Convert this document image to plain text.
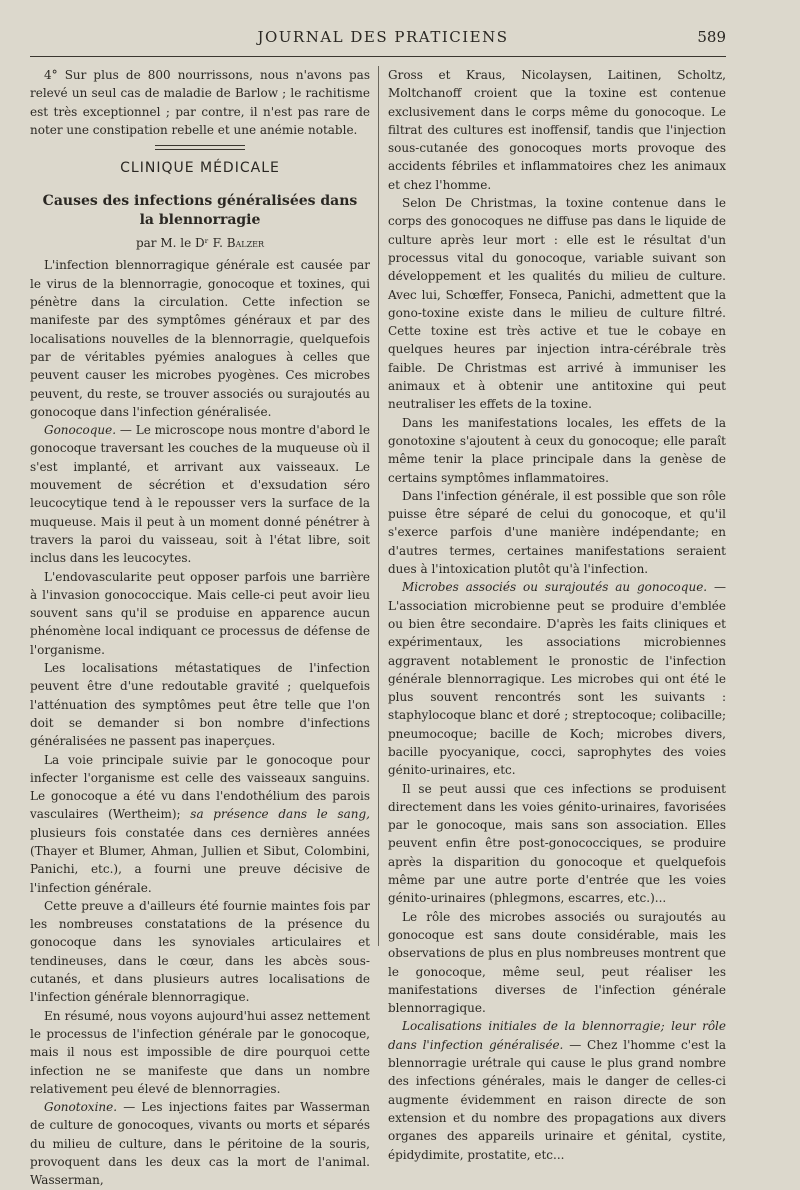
JOURNAL DES PRATICIENS	589

4° Sur plus de 800 nourrissons, nous n'avons pas relevé un seul cas de maladie de Barlow ; le rachitisme est très exceptionnel ; par contre, il n'est pas rare de noter une constipation rebelle et une anémie notable.

CLINIQUE MÉDICALE
Causes des infections généralisées dans la blennorragie
par M. le Dʳ F. Balzer

L'infection blennorragique générale est causée par le virus de la blennorragie, gonocoque et toxines, qui pénètre dans la circulation. Cette infection se manifeste par des symptômes généraux et par des localisations nouvelles de la blennorragie, quelquefois par de véritables pyémies analogues à celles que peuvent causer les microbes pyogènes. Ces microbes peuvent, du reste, se trouver associés ou surajoutés au gonocoque dans l'infection généralisée.

Gonocoque. — Le microscope nous montre d'abord le gonocoque traversant les couches de la muqueuse où il s'est implanté, et arrivant aux vaisseaux. Le mouvement de sécrétion et d'exsudation séro leucocytique tend à le repousser vers la surface de la muqueuse. Mais il peut à un moment donné pénétrer à travers la paroi du vaisseau, soit à l'état libre, soit inclus dans les leucocytes.

L'endovascularite peut opposer parfois une barrière à l'invasion gonococcique. Mais celle-ci peut avoir lieu souvent sans qu'il se produise en apparence aucun phénomène local indiquant ce processus de défense de l'organisme.

Les localisations métastatiques de l'infection peuvent être d'une redoutable gravité ; quelquefois l'atténuation des symptômes peut être telle que l'on doit se demander si bon nombre d'infections généralisées ne passent pas inaperçues.

La voie principale suivie par le gonocoque pour infecter l'organisme est celle des vaisseaux sanguins. Le gonocoque a été vu dans l'endothélium des parois vasculaires (Wertheim); sa présence dans le sang, plusieurs fois constatée dans ces dernières années (Thayer et Blumer, Ahman, Jullien et Sibut, Colombini, Panichi, etc.), a fourni une preuve décisive de l'infection générale.

Cette preuve a d'ailleurs été fournie maintes fois par les nombreuses constatations de la présence du gonocoque dans les synoviales articulaires et tendineuses, dans le cœur, dans les abcès sous-cutanés, et dans plusieurs autres localisations de l'infection générale blennorragique.

En résumé, nous voyons aujourd'hui assez nettement le processus de l'infection générale par le gonocoque, mais il nous est impossible de dire pourquoi cette infection ne se manifeste que dans un nombre relativement peu élevé de blennorragies.

Gonotoxine. — Les injections faites par Wasserman de culture de gonocoques, vivants ou morts et séparés du milieu de culture, dans le péritoine de la souris, provoquent dans les deux cas la mort de l'animal. Wasserman,

Gross et Kraus, Nicolaysen, Laitinen, Scholtz, Moltchanoff croient que la toxine est contenue exclusivement dans le corps même du gonocoque. Le filtrat des cultures est inoffensif, tandis que l'injection sous-cutanée des gonocoques morts provoque des accidents fébriles et inflammatoires chez les animaux et chez l'homme.

Selon De Christmas, la toxine contenue dans le corps des gonocoques ne diffuse pas dans le liquide de culture après leur mort : elle est le résultat d'un processus vital du gonocoque, variable suivant son développement et les qualités du milieu de culture. Avec lui, Schœffer, Fonseca, Panichi, admettent que la gono-toxine existe dans le milieu de culture filtré. Cette toxine est très active et tue le cobaye en quelques heures par injection intra-cérébrale très faible. De Christmas est arrivé à immuniser les animaux et à obtenir une antitoxine qui peut neutraliser les effets de la toxine.

Dans les manifestations locales, les effets de la gonotoxine s'ajoutent à ceux du gonocoque; elle paraît même tenir la place principale dans la genèse de certains symptômes inflammatoires.

Dans l'infection générale, il est possible que son rôle puisse être séparé de celui du gonocoque, et qu'il s'exerce parfois d'une manière indépendante; en d'autres termes, certaines manifestations seraient dues à l'intoxication plutôt qu'à l'infection.

Microbes associés ou surajoutés au gonocoque. — L'association microbienne peut se produire d'emblée ou bien être secondaire. D'après les faits cliniques et expérimentaux, les associations microbiennes aggravent notablement le pronostic de l'infection générale blennorragique. Les microbes qui ont été le plus souvent rencontrés sont les suivants : staphylocoque blanc et doré ; streptocoque; colibacille; pneumocoque; bacille de Koch; microbes divers, bacille pyocyanique, cocci, saprophytes des voies génito-urinaires, etc.

Il se peut aussi que ces infections se produisent directement dans les voies génito-urinaires, favorisées par le gonocoque, mais sans son association. Elles peuvent enfin être post-gonococciques, se produire après la disparition du gonocoque et quelquefois même par une autre porte d'entrée que les voies génito-urinaires (phlegmons, escarres, etc.)...

Le rôle des microbes associés ou surajoutés au gonocoque est sans doute considérable, mais les observations de plus en plus nombreuses montrent que le gonocoque, même seul, peut réaliser les manifestations diverses de l'infection générale blennorragique.

Localisations initiales de la blennorragie; leur rôle dans l'infection généralisée. — Chez l'homme c'est la blennorragie urétrale qui cause le plus grand nombre des infections générales, mais le danger de celles-ci augmente évidemment en raison directe de son extension et du nombre des propagations aux divers organes des appareils urinaire et génital, cystite, épidydimite, prostatite, etc...
